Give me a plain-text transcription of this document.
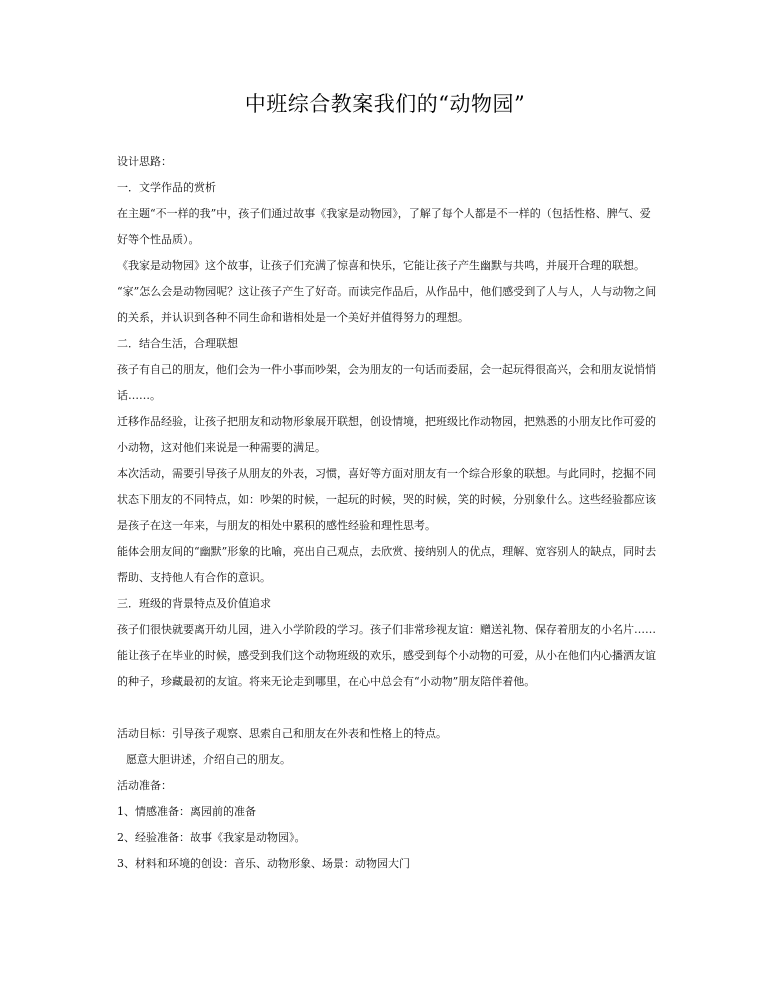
中班综合教案我们的“动物园”

设计思路：

一．文学作品的赏析

在主题“不一样的我”中，孩子们通过故事《我家是动物园》，了解了每个人都是不一样的（包括性格、脾气、爱好等个性品质）。

《我家是动物园》这个故事，让孩子们充满了惊喜和快乐，它能让孩子产生幽默与共鸣，并展开合理的联想。

“家”怎么会是动物园呢？这让孩子产生了好奇。而读完作品后，从作品中，他们感受到了人与人，人与动物之间的关系，并认识到各种不同生命和谐相处是一个美好并值得努力的理想。

二．结合生活，合理联想

孩子有自己的朋友，他们会为一件小事而吵架，会为朋友的一句话而委屈，会一起玩得很高兴，会和朋友说悄悄话……。

迁移作品经验，让孩子把朋友和动物形象展开联想，创设情境，把班级比作动物园，把熟悉的小朋友比作可爱的小动物，这对他们来说是一种需要的满足。

本次活动，需要引导孩子从朋友的外表，习惯，喜好等方面对朋友有一个综合形象的联想。与此同时，挖掘不同状态下朋友的不同特点，如：吵架的时候，一起玩的时候，哭的时候，笑的时候，分别象什么。这些经验都应该是孩子在这一年来，与朋友的相处中累积的感性经验和理性思考。

能体会朋友间的“幽默”形象的比喻，亮出自己观点，去欣赏、接纳别人的优点，理解、宽容别人的缺点，同时去帮助、支持他人有合作的意识。

三．班级的背景特点及价值追求

孩子们很快就要离开幼儿园，进入小学阶段的学习。孩子们非常珍视友谊：赠送礼物、保存着朋友的小名片……能让孩子在毕业的时候，感受到我们这个动物班级的欢乐，感受到每个小动物的可爱，从小在他们内心播洒友谊的种子，珍藏最初的友谊。将来无论走到哪里，在心中总会有“小动物”朋友陪伴着他。

活动目标：引导孩子观察、思索自己和朋友在外表和性格上的特点。

愿意大胆讲述，介绍自己的朋友。

活动准备：

1、情感准备：离园前的准备

2、经验准备：故事《我家是动物园》。

3、材料和环境的创设：音乐、动物形象、场景：动物园大门
